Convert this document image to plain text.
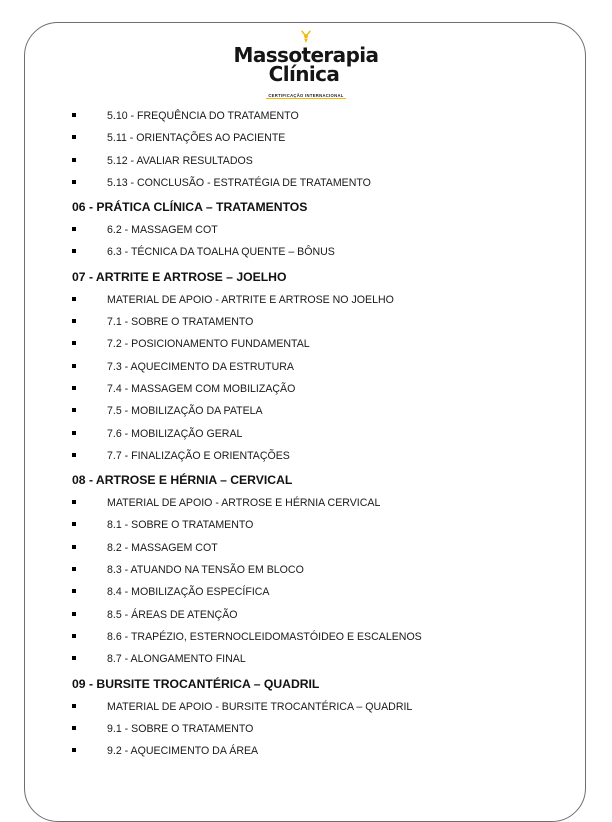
Massoterapia
Clínica
CERTIFICAÇÃO INTERNACIONAL
5.10 - FREQUÊNCIA DO TRATAMENTO
5.11 - ORIENTAÇÕES AO PACIENTE
5.12 - AVALIAR RESULTADOS
5.13 - CONCLUSÃO - ESTRATÉGIA DE TRATAMENTO
06 - PRÁTICA CLÍNICA – TRATAMENTOS
6.2 - MASSAGEM COT
6.3 - TÉCNICA DA TOALHA QUENTE – BÔNUS
07 - ARTRITE E ARTROSE – JOELHO
MATERIAL DE APOIO - ARTRITE E ARTROSE NO JOELHO
7.1 - SOBRE O TRATAMENTO
7.2 - POSICIONAMENTO FUNDAMENTAL
7.3 - AQUECIMENTO DA ESTRUTURA
7.4 - MASSAGEM COM MOBILIZAÇÃO
7.5 - MOBILIZAÇÃO DA PATELA
7.6 - MOBILIZAÇÃO GERAL
7.7 - FINALIZAÇÃO E ORIENTAÇÕES
08 - ARTROSE E HÉRNIA – CERVICAL
MATERIAL DE APOIO - ARTROSE E HÉRNIA CERVICAL
8.1 - SOBRE O TRATAMENTO
8.2 - MASSAGEM COT
8.3 - ATUANDO NA TENSÃO EM BLOCO
8.4 - MOBILIZAÇÃO ESPECÍFICA
8.5 - ÁREAS DE ATENÇÃO
8.6 - TRAPÉZIO, ESTERNOCLEIDOMASTÓIDEO E ESCALENOS
8.7 - ALONGAMENTO FINAL
09 - BURSITE TROCANTÉRICA – QUADRIL
MATERIAL DE APOIO - BURSITE TROCANTÉRICA – QUADRIL
9.1 - SOBRE O TRATAMENTO
9.2 - AQUECIMENTO DA ÁREA
